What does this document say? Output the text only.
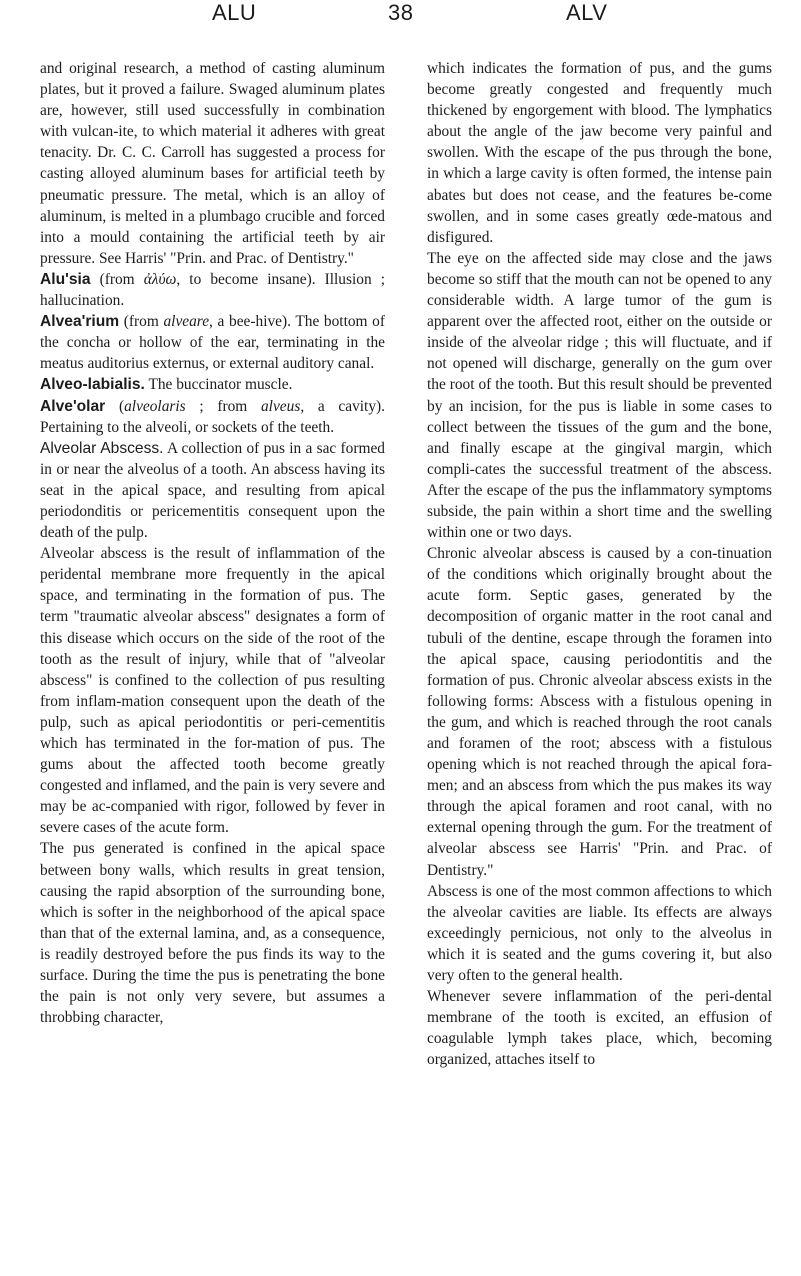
ALU	38	ALV

and original research, a method of casting aluminum plates, but it proved a failure. Swaged aluminum plates are, however, still used successfully in combination with vulcan-ite, to which material it adheres with great tenacity. Dr. C. C. Carroll has suggested a process for casting alloyed aluminum bases for artificial teeth by pneumatic pressure. The metal, which is an alloy of aluminum, is melted in a plumbago crucible and forced into a mould containing the artificial teeth by air pressure. See Harris' "Prin. and Prac. of Dentistry."

Alu'sia (from ἀλύω, to become insane). Illusion ; hallucination.

Alvea'rium (from alveare, a bee-hive). The bottom of the concha or hollow of the ear, terminating in the meatus auditorius externus, or external auditory canal.

Alveo-labialis. The buccinator muscle.

Alve'olar (alveolaris ; from alveus, a cavity). Pertaining to the alveoli, or sockets of the teeth.

Alveolar Abscess. A collection of pus in a sac formed in or near the alveolus of a tooth. An abscess having its seat in the apical space, and resulting from apical periodonditis or pericementitis consequent upon the death of the pulp.

Alveolar abscess is the result of inflammation of the peridental membrane more frequently in the apical space, and terminating in the formation of pus. The term "traumatic alveolar abscess" designates a form of this disease which occurs on the side of the root of the tooth as the result of injury, while that of "alveolar abscess" is confined to the collection of pus resulting from inflam-mation consequent upon the death of the pulp, such as apical periodontitis or peri-cementitis which has terminated in the for-mation of pus. The gums about the affected tooth become greatly congested and inflamed, and the pain is very severe and may be ac-companied with rigor, followed by fever in severe cases of the acute form.

The pus generated is confined in the apical space between bony walls, which results in great tension, causing the rapid absorption of the surrounding bone, which is softer in the neighborhood of the apical space than that of the external lamina, and, as a consequence, is readily destroyed before the pus finds its way to the surface. During the time the pus is penetrating the bone the pain is not only very severe, but assumes a throbbing character,

which indicates the formation of pus, and the gums become greatly congested and frequently much thickened by engorgement with blood. The lymphatics about the angle of the jaw become very painful and swollen. With the escape of the pus through the bone, in which a large cavity is often formed, the intense pain abates but does not cease, and the features be-come swollen, and in some cases greatly œde-matous and disfigured.

The eye on the affected side may close and the jaws become so stiff that the mouth can not be opened to any considerable width. A large tumor of the gum is apparent over the affected root, either on the outside or inside of the alveolar ridge ; this will fluctuate, and if not opened will discharge, generally on the gum over the root of the tooth. But this result should be prevented by an incision, for the pus is liable in some cases to collect between the tissues of the gum and the bone, and finally escape at the gingival margin, which compli-cates the successful treatment of the abscess. After the escape of the pus the inflammatory symptoms subside, the pain within a short time and the swelling within one or two days.

Chronic alveolar abscess is caused by a con-tinuation of the conditions which originally brought about the acute form. Septic gases, generated by the decomposition of organic matter in the root canal and tubuli of the dentine, escape through the foramen into the apical space, causing periodontitis and the formation of pus. Chronic alveolar abscess exists in the following forms: Abscess with a fistulous opening in the gum, and which is reached through the root canals and foramen of the root; abscess with a fistulous opening which is not reached through the apical fora-men; and an abscess from which the pus makes its way through the apical foramen and root canal, with no external opening through the gum. For the treatment of alveolar abscess see Harris' "Prin. and Prac. of Dentistry."

Abscess is one of the most common affections to which the alveolar cavities are liable. Its effects are always exceedingly pernicious, not only to the alveolus in which it is seated and the gums covering it, but also very often to the general health.

Whenever severe inflammation of the peri-dental membrane of the tooth is excited, an effusion of coagulable lymph takes place, which, becoming organized, attaches itself to
